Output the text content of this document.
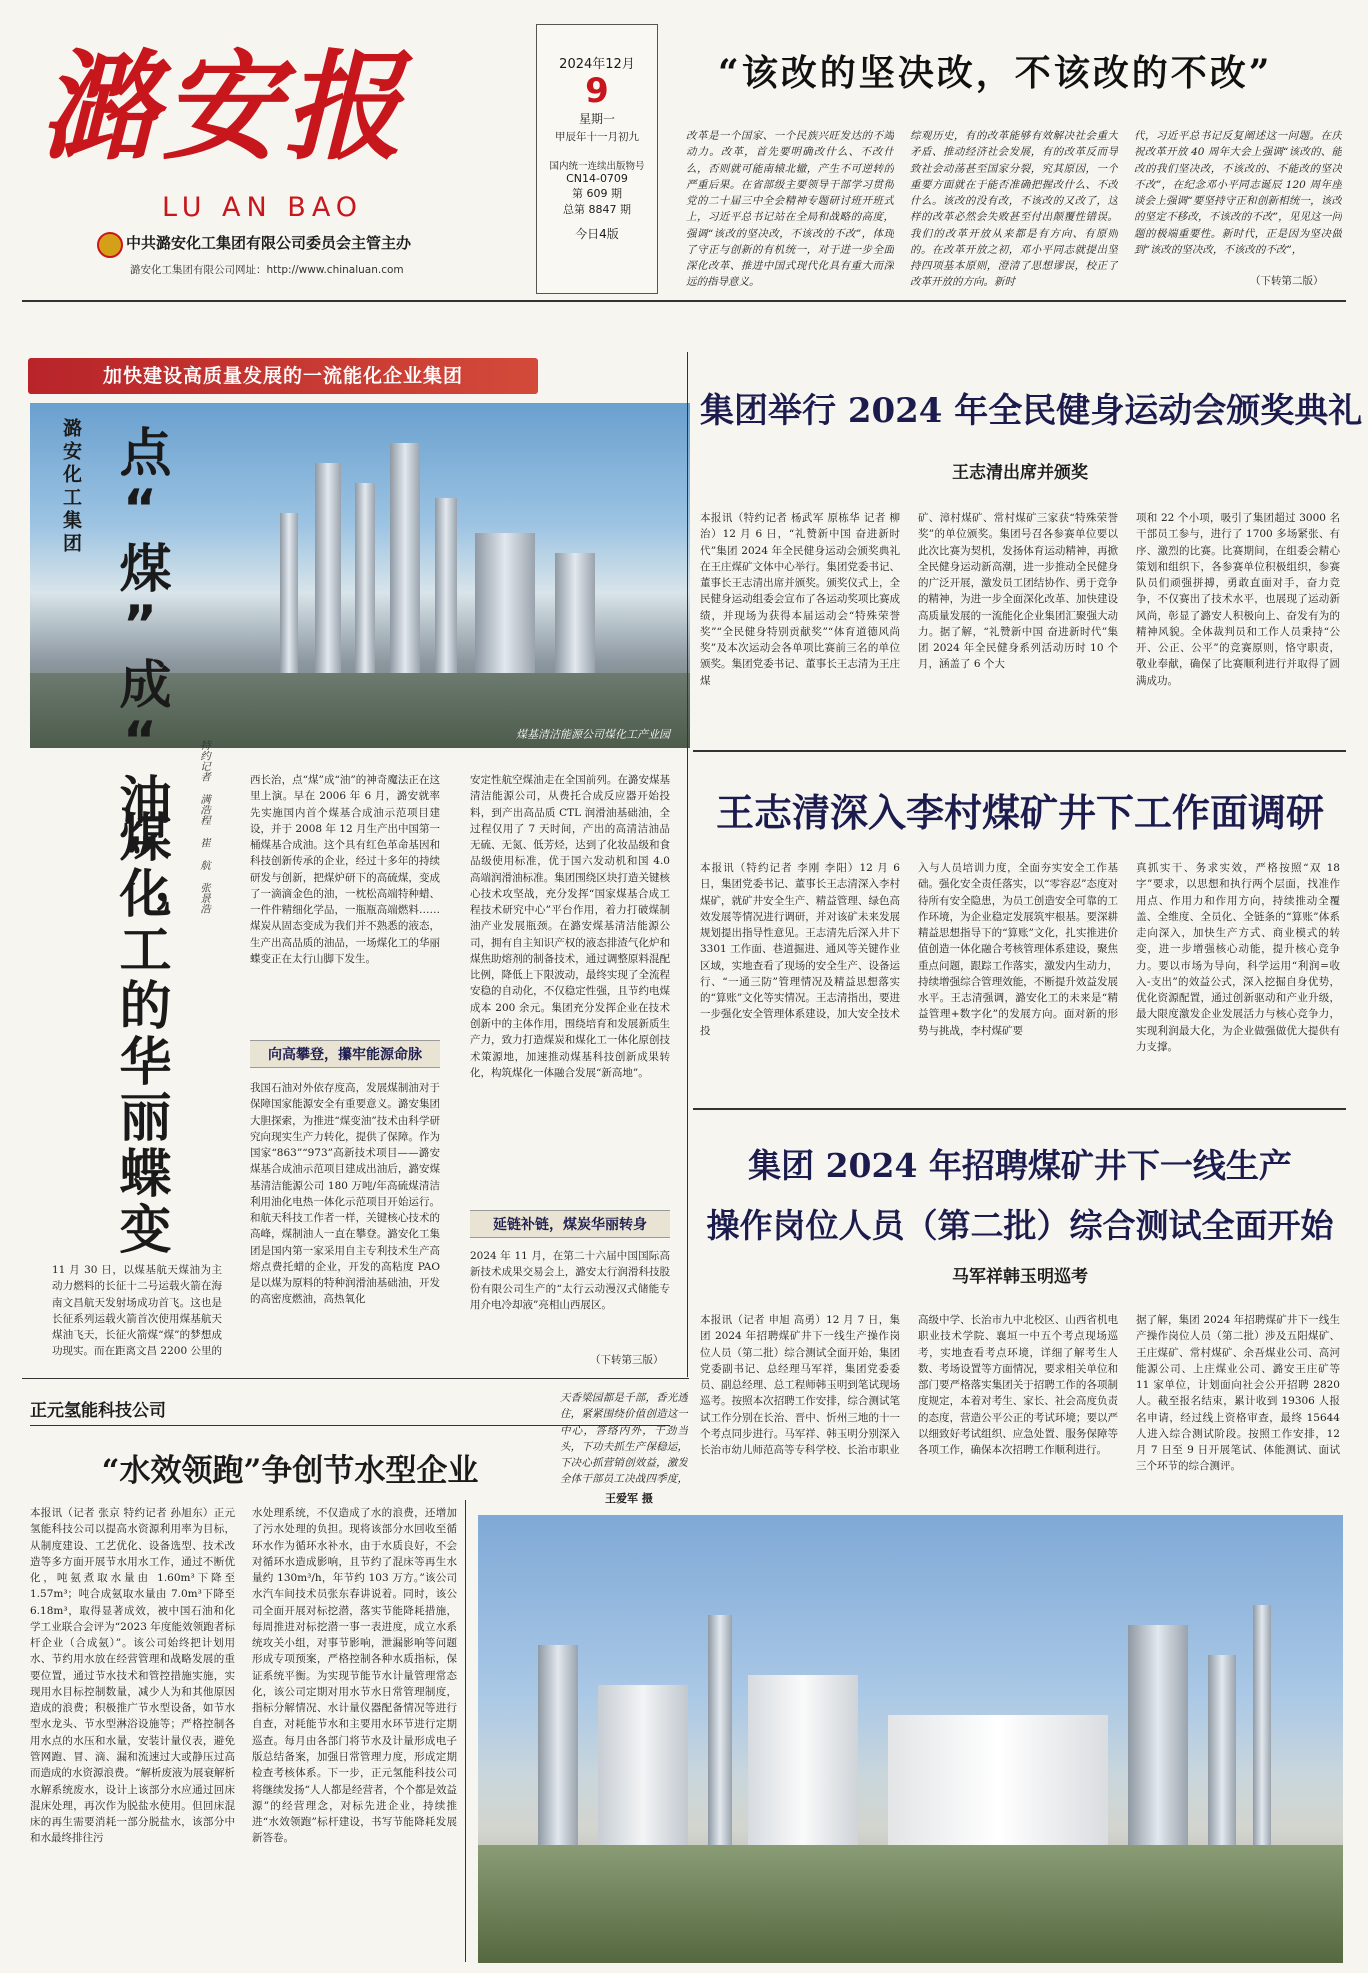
潞安报
LU AN BAO
中共潞安化工集团有限公司委员会主管主办
潞安化工集团有限公司网址：http://www.chinaluan.com
2024年12月
9
星期一
甲辰年十一月初九
国内统一连续出版物号
CN14-0709
第 609 期
总第 8847 期
今日4版
“该改的坚决改，不该改的不改”
改革是一个国家、一个民族兴旺发达的不竭动力。改革，首先要明确改什么、不改什么，否则就可能南辕北辙，产生不可逆转的严重后果。在省部级主要领导干部学习贯彻党的二十届三中全会精神专题研讨班开班式上，习近平总书记站在全局和战略的高度，强调“该改的坚决改，不该改的不改”，体现了守正与创新的有机统一，对于进一步全面深化改革、推进中国式现代化具有重大而深远的指导意义。
综观历史，有的改革能够有效解决社会重大矛盾、推动经济社会发展，有的改革反而导致社会动荡甚至国家分裂，究其原因，一个重要方面就在于能否准确把握改什么、不改什么。该改的没有改，不该改的又改了，这样的改革必然会失败甚至付出颠覆性错误。我们的改革开放从来都是有方向、有原则的。在改革开放之初，邓小平同志就提出坚持四项基本原则，澄清了思想谬误，校正了改革开放的方向。新时
代，习近平总书记反复阐述这一问题。在庆祝改革开放 40 周年大会上强调“该改的、能改的我们坚决改，不该改的、不能改的坚决不改”，在纪念邓小平同志诞辰 120 周年座谈会上强调“要坚持守正和创新相统一，该改的坚定不移改，不该改的不改”，见见这一问题的极端重要性。新时代，正是因为坚决做到“该改的坚决改，不该改的不改”，
（下转第二版）
加快建设高质量发展的一流能化企业集团
煤基清洁能源公司煤化工产业园
潞安化工集团 点“煤”成“油”，
煤化工的华丽蝶变	特约记者 满浩程 崔 航 张景浩
11 月 30 日，以煤基航天煤油为主动力燃料的长征十二号运载火箭在海南文昌航天发射场成功首飞。这也是长征系列运载火箭首次使用煤基航天煤油飞天，长征火箭煤“煤”的梦想成功现实。而在距离文昌 2200 公里的
西长治，点“煤”成“油”的神奇魔法正在这里上演。早在 2006 年 6 月，潞安就率先实施国内首个煤基合成油示范项目建设，并于 2008 年 12 月生产出中国第一桶煤基合成油。这个具有红色革命基因和科技创新传承的企业，经过十多年的持续研发与创新，把煤炉研下的高硫煤，变成了一滴滴金色的油，一枕松高端特种蜡、一件件精细化学品，一瓶瓶高端燃料……煤炭从固态变成为我们并不熟悉的液态，生产出高品质的油品，一场煤化工的华丽蝶变正在太行山脚下发生。
向高攀登，攥牢能源命脉
我国石油对外依存度高，发展煤制油对于保障国家能源安全有重要意义。潞安集团大胆探索，为推进“煤变油”技术由科学研究向现实生产力转化，提供了保障。作为国家“863”“973”高新技术项目——潞安煤基合成油示范项目建成出油后，潞安煤基清洁能源公司 180 万吨/年高硫煤清洁利用油化电热一体化示范项目开始运行。和航天科技工作者一样，关键核心技术的高峰，煤制油人一直在攀登。潞安化工集团是国内第一家采用自主专利技术生产高熔点费托蜡的企业，开发的高粘度 PAO 是以煤为原料的特种润滑油基础油，开发的高密度燃油，高热氧化
安定性航空煤油走在全国前列。在潞安煤基清洁能源公司，从费托合成反应器开始投料，到产出高品质 CTL 润滑油基础油，全过程仅用了 7 天时间，产出的高清洁油品无硫、无氮、低芳烃，达到了化妆品级和食品级使用标准，优于国六发动机和国 4.0 高端润滑油标准。集团围绕区块打造关键核心技术攻坚战，充分发挥“国家煤基合成工程技术研究中心”平台作用，着力打破煤制油产业发展瓶颈。在潞安煤基清洁能源公司，拥有自主知识产权的液态排渣气化炉和煤焦助熔剂的制备技术，通过调整原料混配比例，降低上下限波动，最终实现了全流程安稳的自动化，不仅稳定性强，且节约电煤成本 200 余元。集团充分发挥企业在技术创新中的主体作用，围绕培育和发展新质生产力，致力打造煤炭和煤化工一体化原创技术策源地，加速推动煤基科技创新成果转化，构筑煤化一体融合发展“新高地”。
延链补链，煤炭华丽转身
2024 年 11 月，在第二十六届中国国际高新技术成果交易会上，潞安太行润滑科技股份有限公司生产的“太行云动漫汉式储能专用介电冷却液”亮相山西展区。
（下转第三版）
集团举行 2024 年全民健身运动会颁奖典礼
王志清出席并颁奖
本报讯（特约记者 杨武军 原栋华 记者 柳治）12 月 6 日，“礼赞新中国 奋进新时代”集团 2024 年全民健身运动会颁奖典礼在王庄煤矿文体中心举行。集团党委书记、董事长王志清出席并颁奖。颁奖仪式上，全民健身运动组委会宣布了各运动奖项比赛成绩，并现场为获得本届运动会“特殊荣誉奖”“全民健身特别贡献奖”“体育道德风尚奖”及本次运动会各单项比赛前三名的单位颁奖。集团党委书记、董事长王志清为王庄煤
矿、漳村煤矿、常村煤矿三家获“特殊荣誉奖”的单位颁奖。集团号召各参赛单位要以此次比赛为契机，发扬体育运动精神，再掀全民健身运动新高潮，进一步推动全民健身的广泛开展，激发员工团结协作、勇于竞争的精神，为进一步全面深化改革、加快建设高质量发展的一流能化企业集团汇聚强大动力。据了解，“礼赞新中国 奋进新时代”集团 2024 年全民健身系列活动历时 10 个月，涵盖了 6 个大
项和 22 个小项，吸引了集团超过 3000 名干部员工参与，进行了 1700 多场紧张、有序、激烈的比赛。比赛期间，在组委会精心策划和组织下，各参赛单位积极组织，参赛队员们顽强拼搏，勇敢直面对手，奋力竞争，不仅赛出了技术水平，也展现了运动新风尚，彰显了潞安人积极向上、奋发有为的精神风貌。全体裁判员和工作人员秉持“公开、公正、公平”的竞赛原则，恪守职责，敬业奉献，确保了比赛顺利进行并取得了圆满成功。
王志清深入李村煤矿井下工作面调研
本报讯（特约记者 李刚 李阳）12 月 6 日，集团党委书记、董事长王志清深入李村煤矿，就矿井安全生产、精益管理、绿色高效发展等情况进行调研，并对该矿未来发展规划提出指导性意见。王志清先后深入井下 3301 工作面、巷道掘进、通风等关键作业区域，实地查看了现场的安全生产、设备运行、“一通三防”管理情况及精益思想落实的“算账”文化等实情况。王志清指出，要进一步强化安全管理体系建设，加大安全技术投
入与人员培训力度，全面夯实安全工作基础。强化安全责任落实，以“零容忍”态度对待所有安全隐患，为员工创造安全可靠的工作环境，为企业稳定发展筑牢根基。要深耕精益思想指导下的“算账”文化，扎实推进价值创造一体化融合考核管理体系建设，聚焦重点问题，跟踪工作落实，激发内生动力，持续增强综合管理效能，不断提升效益发展水平。王志清强调，潞安化工的未来是“精益管理+数字化”的发展方向。面对新的形势与挑战，李村煤矿要
真抓实干、务求实效，严格按照“双 18 字”要求，以思想和执行两个层面，找准作用点、作用力和作用方向，持续推动全覆盖、全维度、全员化、全链条的“算账”体系走向深入，加快生产方式、商业模式的转变，进一步增强核心动能，提升核心竞争力。要以市场为导向，科学运用“利润=收入-支出”的效益公式，深入挖掘自身优势，优化资源配置，通过创新驱动和产业升级，最大限度激发企业发展活力与核心竞争力，实现利润最大化，为企业做强做优大提供有力支撑。
集团 2024 年招聘煤矿井下一线生产
操作岗位人员（第二批）综合测试全面开始
马军祥韩玉明巡考
本报讯（记者 申旭 高勇）12 月 7 日，集团 2024 年招聘煤矿井下一线生产操作岗位人员（第二批）综合测试全面开始，集团党委副书记、总经理马军祥，集团党委委员、副总经理、总工程师韩玉明到笔试现场巡考。按照本次招聘工作安排，综合测试笔试工作分别在长治、晋中、忻州三地的十一个考点同步进行。马军祥、韩玉明分别深入长治市幼儿师范高等专科学校、长治市职业
高级中学、长治市九中北校区、山西省机电职业技术学院、襄垣一中五个考点现场巡考，实地查看考点环境，详细了解考生人数、考场设置等方面情况，要求相关单位和部门要严格落实集团关于招聘工作的各项制度规定，本着对考生、家长、社会高度负责的态度，营造公平公正的考试环境；要以严以细致好考试组织、应急处置、服务保障等各项工作，确保本次招聘工作顺利进行。
据了解，集团 2024 年招聘煤矿井下一线生产操作岗位人员（第二批）涉及五阳煤矿、王庄煤矿、常村煤矿、余吾煤业公司、高河能源公司、上庄煤业公司、潞安王庄矿等 11 家单位，计划面向社会公开招聘 2820 人。截至报名结束，累计收到 19306 人报名申请，经过线上资格审查，最终 15644 人进入综合测试阶段。按照工作安排，12 月 7 日至 9 日开展笔试、体能测试、面试三个环节的综合测评。
正元氢能科技公司
“水效领跑”争创节水型企业
本报讯（记者 张京 特约记者 孙旭东）正元氢能科技公司以提高水资源利用率为目标，从制度建设、工艺优化、设备选型、技术改造等多方面开展节水用水工作，通过不断优化，吨氨煮取水量由 1.60m³下降至 1.57m³；吨合成氨取水量由 7.0m³下降至 6.18m³，取得显著成效，被中国石油和化学工业联合会评为“2023 年度能效领跑者标杆企业（合成氨）”。该公司始终把计划用水、节约用水放在经营管理和战略发展的重要位置，通过节水技术和管控措施实施，实现用水目标控制数量，减少人为和其他原因造成的浪费；积极推广节水型设备，如节水型水龙头、节水型淋浴设施等；严格控制各用水点的水压和水量，安装计量仪表，避免管网跑、冒、滴、漏和流速过大或静压过高而造成的水资源浪费。“解析废液为展衰解析水解系统废水，设计上该部分水应通过回床混床处理，再次作为脱盐水使用。但回床混床的再生需要消耗一部分脱盐水，该部分中和水最终排往污
水处理系统，不仅造成了水的浪费，还增加了污水处理的负担。现将该部分水回收至循环水作为循环水补水，由于水质良好，不会对循环水造成影响，且节约了混床等再生水量约 130m³/h，年节约 103 万方。”该公司水汽车间技术员张东春讲说着。同时，该公司全面开展对标挖潜，落实节能降耗措施，每周推进对标挖潜一事一表进度，成立水系统攻关小组，对事节影响，泄漏影响等问题形成专项预案，严格控制各种水质指标，保证系统平衡。为实现节能节水计量管理常态化，该公司定期对用水节水日常管理制度，指标分解情况、水计量仪器配备情况等进行自查，对耗能节水和主要用水环节进行定期巡查。每月由各部门将节水及计量形成电子版总结备案，加强日常管理力度，形成定期检查考核体系。下一步，正元氢能科技公司将继续发扬“人人都是经营者，个个都是效益源”的经营理念，对标先进企业，持续推进“水效领跑”标杆建设，书写节能降耗发展新答卷。
天香梁园都是千部，香光透住，紧紧围绕价值创造这一中心，答络内外，干劲当头，下功夫抓生产保稳运，下决心抓营销创效益，激发全体干部员工决战四季度，
王爱军 摄
